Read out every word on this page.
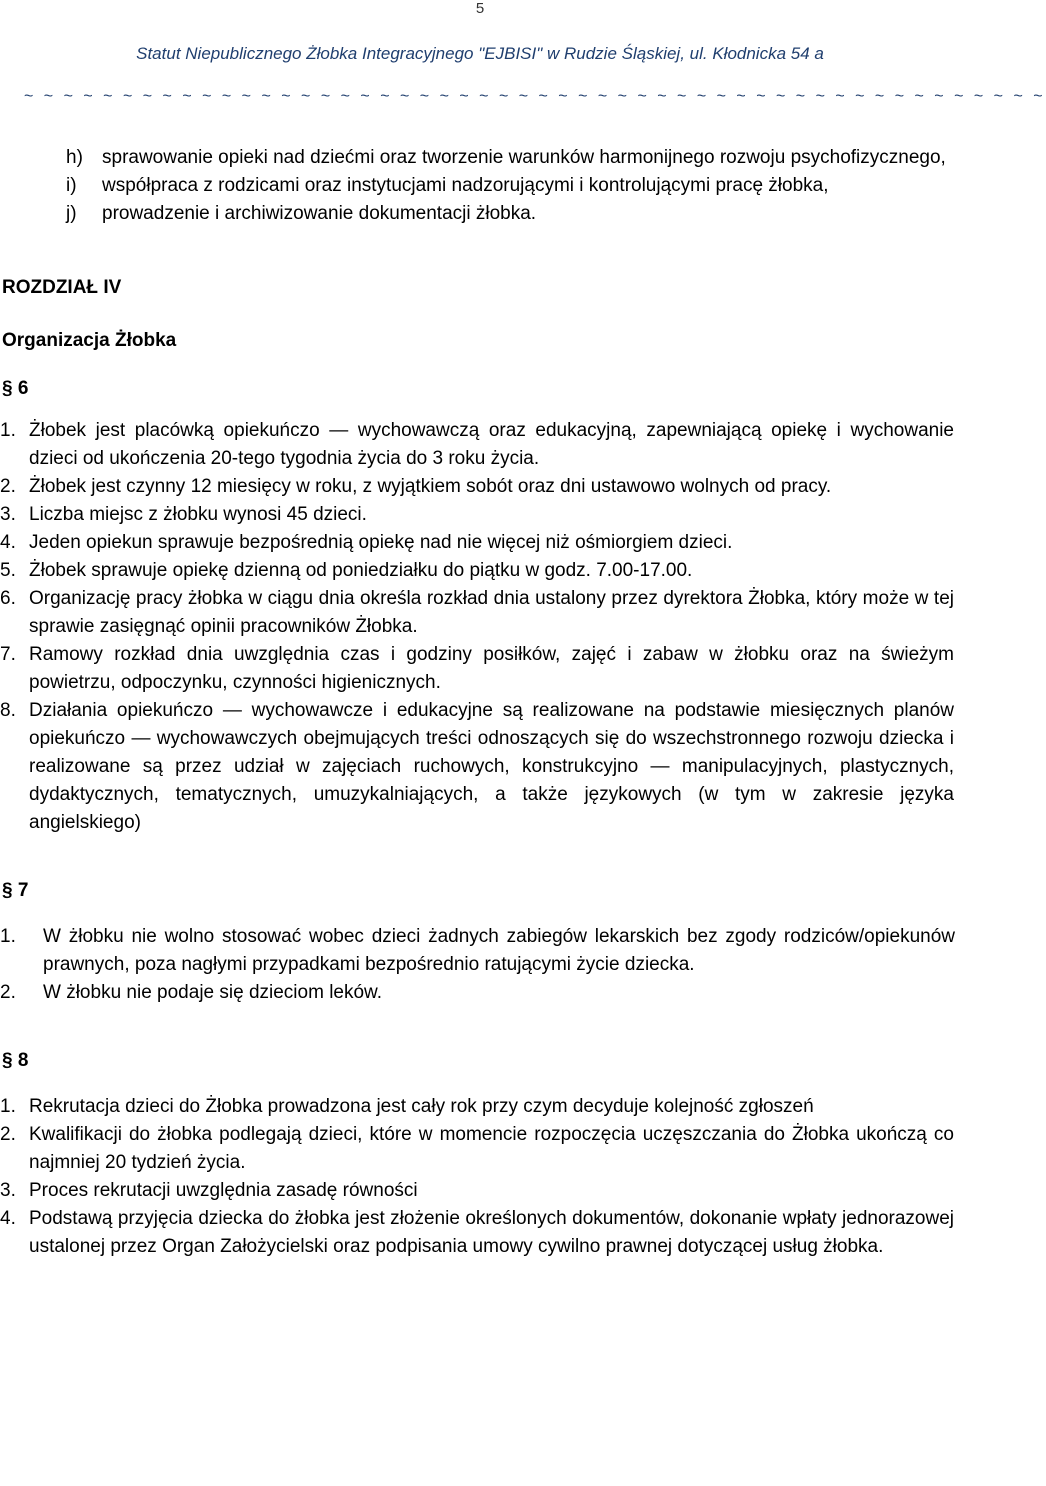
5
Statut Niepublicznego Żłobka Integracyjnego "EJBISI" w Rudzie Śląskiej, ul. Kłodnicka 54 a
~ ~ ~ ~ ~ ~ ~ ~ ~ ~ ~ ~ ~ ~ ~ ~ ~ ~ ~ ~ ~ ~ ~ ~ ~ ~ ~ ~ ~ ~ ~ ~ ~ ~ ~ ~ ~ ~ ~ ~ ~ ~ ~ ~ ~ ~ ~ ~ ~ ~ ~ ~
h) sprawowanie opieki nad dziećmi oraz tworzenie warunków harmonijnego rozwoju psychofizycznego,
i) współpraca z rodzicami oraz instytucjami nadzorującymi i kontrolującymi pracę żłobka,
j) prowadzenie i archiwizowanie dokumentacji żłobka.
ROZDZIAŁ IV
Organizacja Żłobka
§ 6
1. Żłobek jest placówką opiekuńczo — wychowawczą oraz edukacyjną, zapewniającą opiekę i wychowanie dzieci od ukończenia 20-tego tygodnia życia do 3 roku życia.
2. Żłobek jest czynny 12 miesięcy w roku, z wyjątkiem sobót oraz dni ustawowo wolnych od pracy.
3. Liczba miejsc z żłobku wynosi 45 dzieci.
4. Jeden opiekun sprawuje bezpośrednią opiekę nad nie więcej niż ośmiorgiem dzieci.
5. Żłobek sprawuje opiekę dzienną od poniedziałku do piątku w godz. 7.00-17.00.
6. Organizację pracy żłobka w ciągu dnia określa rozkład dnia ustalony przez dyrektora Żłobka, który może w tej sprawie zasięgnąć opinii pracowników Żłobka.
7. Ramowy rozkład dnia uwzględnia czas i godziny posiłków, zajęć i zabaw w żłobku oraz na świeżym powietrzu, odpoczynku, czynności higienicznych.
8. Działania opiekuńczo — wychowawcze i edukacyjne są realizowane na podstawie miesięcznych planów opiekuńczo — wychowawczych obejmujących treści odnoszących się do wszechstronnego rozwoju dziecka i realizowane są przez udział w zajęciach ruchowych, konstrukcyjno — manipulacyjnych, plastycznych, dydaktycznych, tematycznych, umuzykalniających, a także językowych (w tym w zakresie języka angielskiego)
§ 7
1. W żłobku nie wolno stosować wobec dzieci żadnych zabiegów lekarskich bez zgody rodziców/opiekunów prawnych, poza nagłymi przypadkami bezpośrednio ratującymi życie dziecka.
2. W żłobku nie podaje się dzieciom leków.
§ 8
1. Rekrutacja dzieci do Żłobka prowadzona jest cały rok przy czym decyduje kolejność zgłoszeń
2. Kwalifikacji do żłobka podlegają dzieci, które w momencie rozpoczęcia uczęszczania do Żłobka ukończą co najmniej 20 tydzień życia.
3. Proces rekrutacji uwzględnia zasadę równości
4. Podstawą przyjęcia dziecka do żłobka jest złożenie określonych dokumentów, dokonanie wpłaty jednorazowej ustalonej przez Organ Założycielski oraz podpisania umowy cywilno prawnej dotyczącej usług żłobka.
